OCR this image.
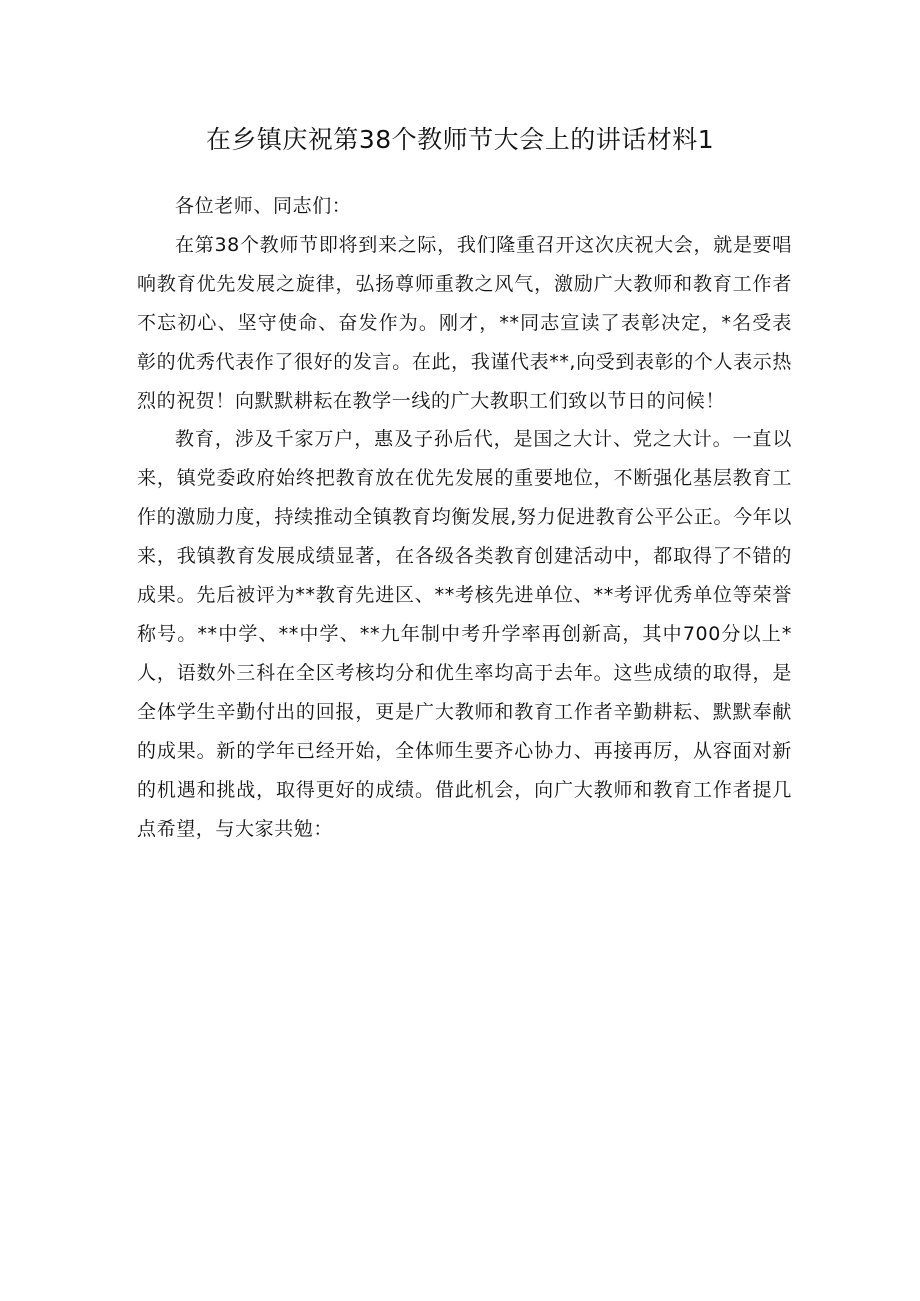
在乡镇庆祝第38个教师节大会上的讲话材料1

各位老师、同志们：

在第38个教师节即将到来之际，我们隆重召开这次庆祝大会，就是要唱响教育优先发展之旋律，弘扬尊师重教之风气，激励广大教师和教育工作者不忘初心、坚守使命、奋发作为。刚才，**同志宣读了表彰决定，*名受表彰的优秀代表作了很好的发言。在此，我谨代表**,向受到表彰的个人表示热烈的祝贺！向默默耕耘在教学一线的广大教职工们致以节日的问候！

教育，涉及千家万户，惠及子孙后代，是国之大计、党之大计。一直以来，镇党委政府始终把教育放在优先发展的重要地位，不断强化基层教育工作的激励力度，持续推动全镇教育均衡发展,努力促进教育公平公正。今年以来，我镇教育发展成绩显著，在各级各类教育创建活动中，都取得了不错的成果。先后被评为**教育先进区、**考核先进单位、**考评优秀单位等荣誉称号。**中学、**中学、**九年制中考升学率再创新高，其中700分以上*人，语数外三科在全区考核均分和优生率均高于去年。这些成绩的取得，是全体学生辛勤付出的回报，更是广大教师和教育工作者辛勤耕耘、默默奉献的成果。新的学年已经开始，全体师生要齐心协力、再接再厉，从容面对新的机遇和挑战，取得更好的成绩。借此机会，向广大教师和教育工作者提几点希望，与大家共勉：
